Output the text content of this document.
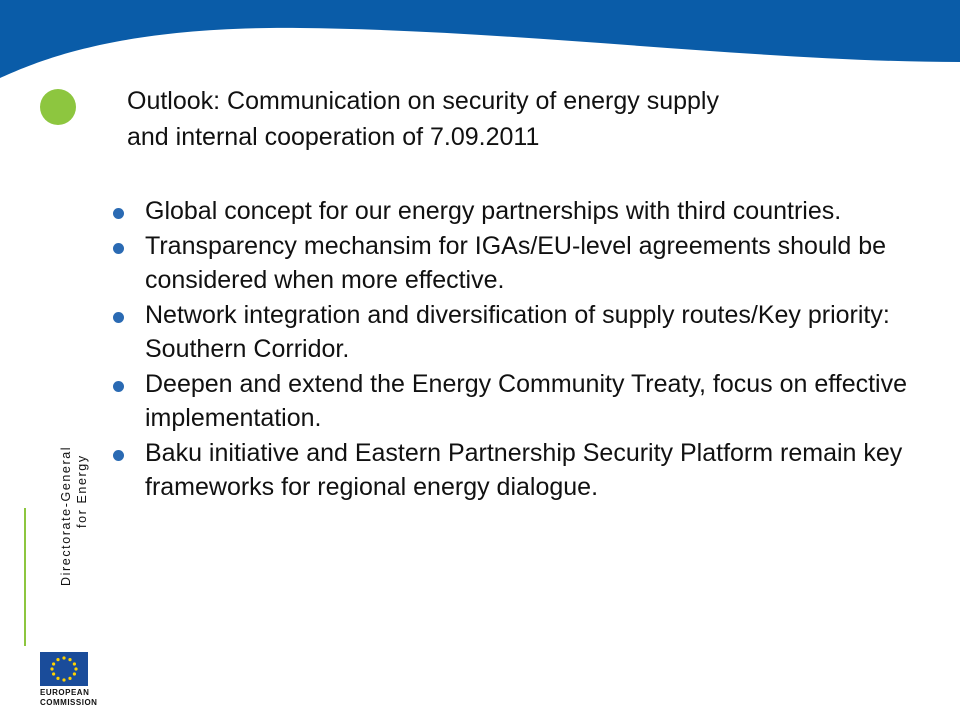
Outlook: Communication on security of energy supply
and internal cooperation of 7.09.2011
Global concept for our energy partnerships with third countries.
Transparency mechansim for IGAs/EU-level agreements should be considered when more effective.
Network integration and diversification of supply routes/Key priority: Southern Corridor.
Deepen and extend the Energy Community Treaty, focus on effective implementation.
Baku initiative and Eastern Partnership Security Platform remain key frameworks for regional energy dialogue.
Directorate-General for Energy
EUROPEAN
COMMISSION
